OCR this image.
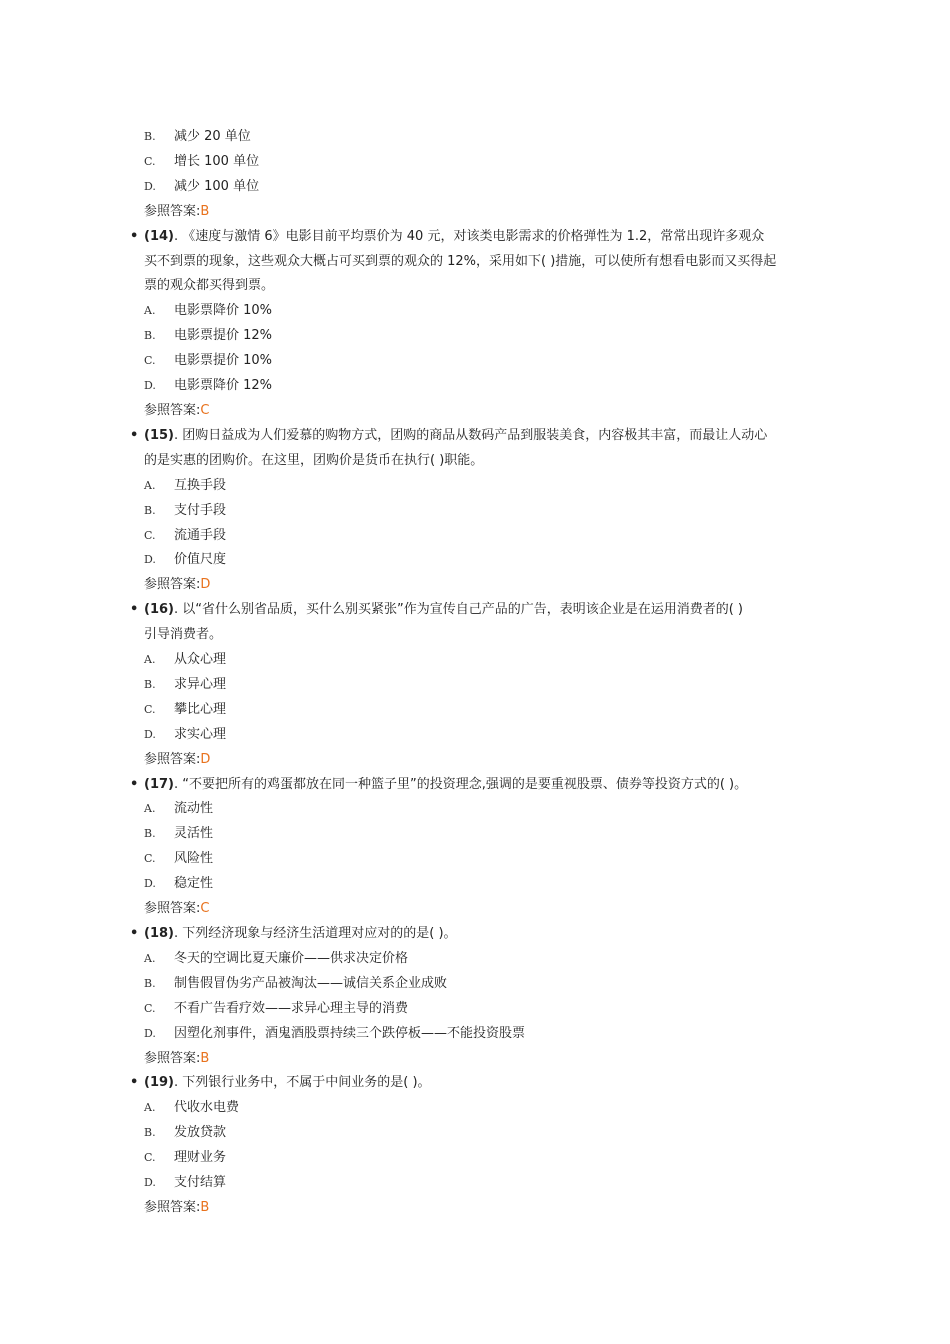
B. 减少 20 单位
C. 增长 100 单位
D. 减少 100 单位
参照答案:B
• (14). 《速度与激情 6》电影目前平均票价为 40 元，对该类电影需求的价格弹性为 1.2，常常出现许多观众
买不到票的现象，这些观众大概占可买到票的观众的 12%，采用如下( )措施，可以使所有想看电影而又买得起
票的观众都买得到票。
A. 电影票降价 10%
B. 电影票提价 12%
C. 电影票提价 10%
D. 电影票降价 12%
参照答案:C
• (15). 团购日益成为人们爱慕的购物方式，团购的商品从数码产品到服装美食，内容极其丰富，而最让人动心
的是实惠的团购价。在这里，团购价是货币在执行( )职能。
A. 互换手段
B. 支付手段
C. 流通手段
D. 价值尺度
参照答案:D
• (16). 以“省什么别省品质，买什么别买紧张”作为宣传自己产品的广告，表明该企业是在运用消费者的( )
引导消费者。
A. 从众心理
B. 求异心理
C. 攀比心理
D. 求实心理
参照答案:D
• (17). “不要把所有的鸡蛋都放在同一种篮子里”的投资理念,强调的是要重视股票、债券等投资方式的( )。
A. 流动性
B. 灵活性
C. 风险性
D. 稳定性
参照答案:C
• (18). 下列经济现象与经济生活道理对应对的的是( )。
A. 冬天的空调比夏天廉价——供求决定价格
B. 制售假冒伪劣产品被淘汰——诚信关系企业成败
C. 不看广告看疗效——求异心理主导的消费
D. 因塑化剂事件，酒鬼酒股票持续三个跌停板——不能投资股票
参照答案:B
• (19). 下列银行业务中，不属于中间业务的是( )。
A. 代收水电费
B. 发放贷款
C. 理财业务
D. 支付结算
参照答案:B
